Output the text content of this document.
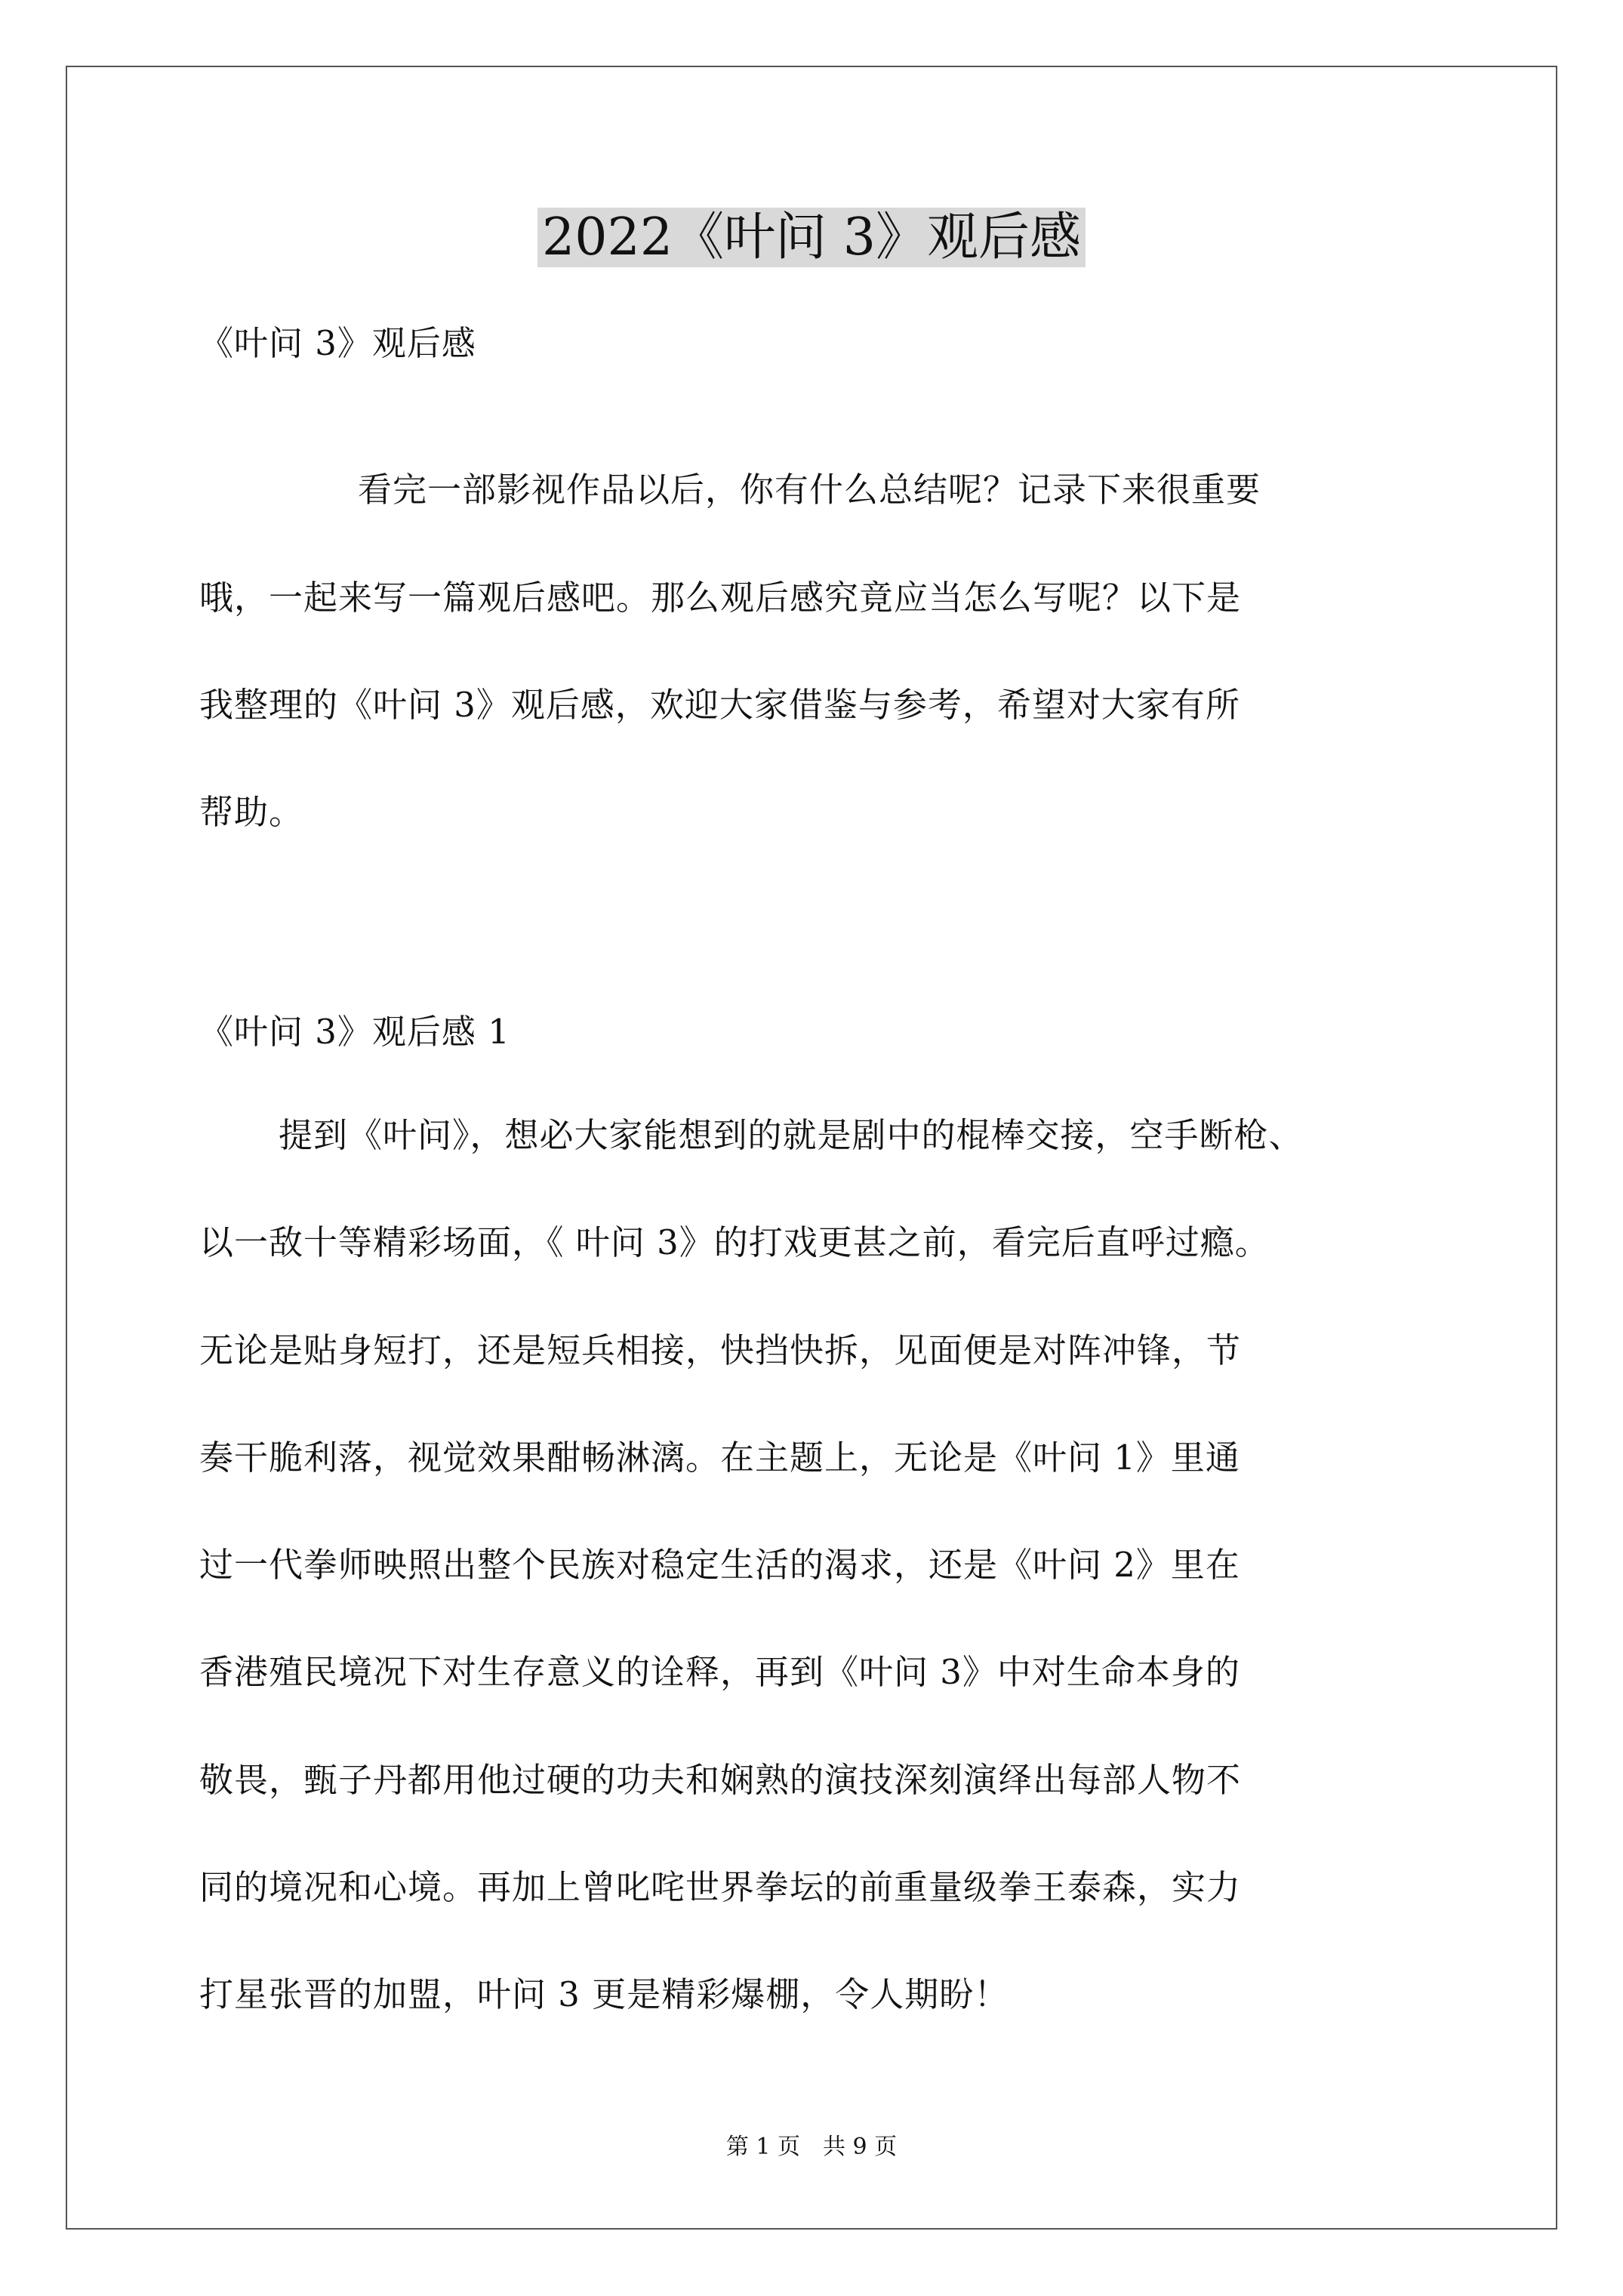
2022《叶问 3》观后感
《叶问 3》观后感
看完一部影视作品以后，你有什么总结呢？记录下来很重要
哦，一起来写一篇观后感吧。那么观后感究竟应当怎么写呢？以下是
我整理的《叶问 3》观后感，欢迎大家借鉴与参考，希望对大家有所
帮助。
《叶问 3》观后感 1
提到《叶问》，想必大家能想到的就是剧中的棍棒交接，空手断枪、
以一敌十等精彩场面，《 叶问 3》的打戏更甚之前，看完后直呼过瘾。
无论是贴身短打，还是短兵相接，快挡快拆，见面便是对阵冲锋，节
奏干脆利落，视觉效果酣畅淋漓。在主题上，无论是《叶问 1》里通
过一代拳师映照出整个民族对稳定生活的渴求，还是《叶问 2》里在
香港殖民境况下对生存意义的诠释，再到《叶问 3》中对生命本身的
敬畏，甄子丹都用他过硬的功夫和娴熟的演技深刻演绎出每部人物不
同的境况和心境。再加上曾叱咤世界拳坛的前重量级拳王泰森，实力
打星张晋的加盟，叶问 3 更是精彩爆棚，令人期盼！
第 1 页　共 9 页
